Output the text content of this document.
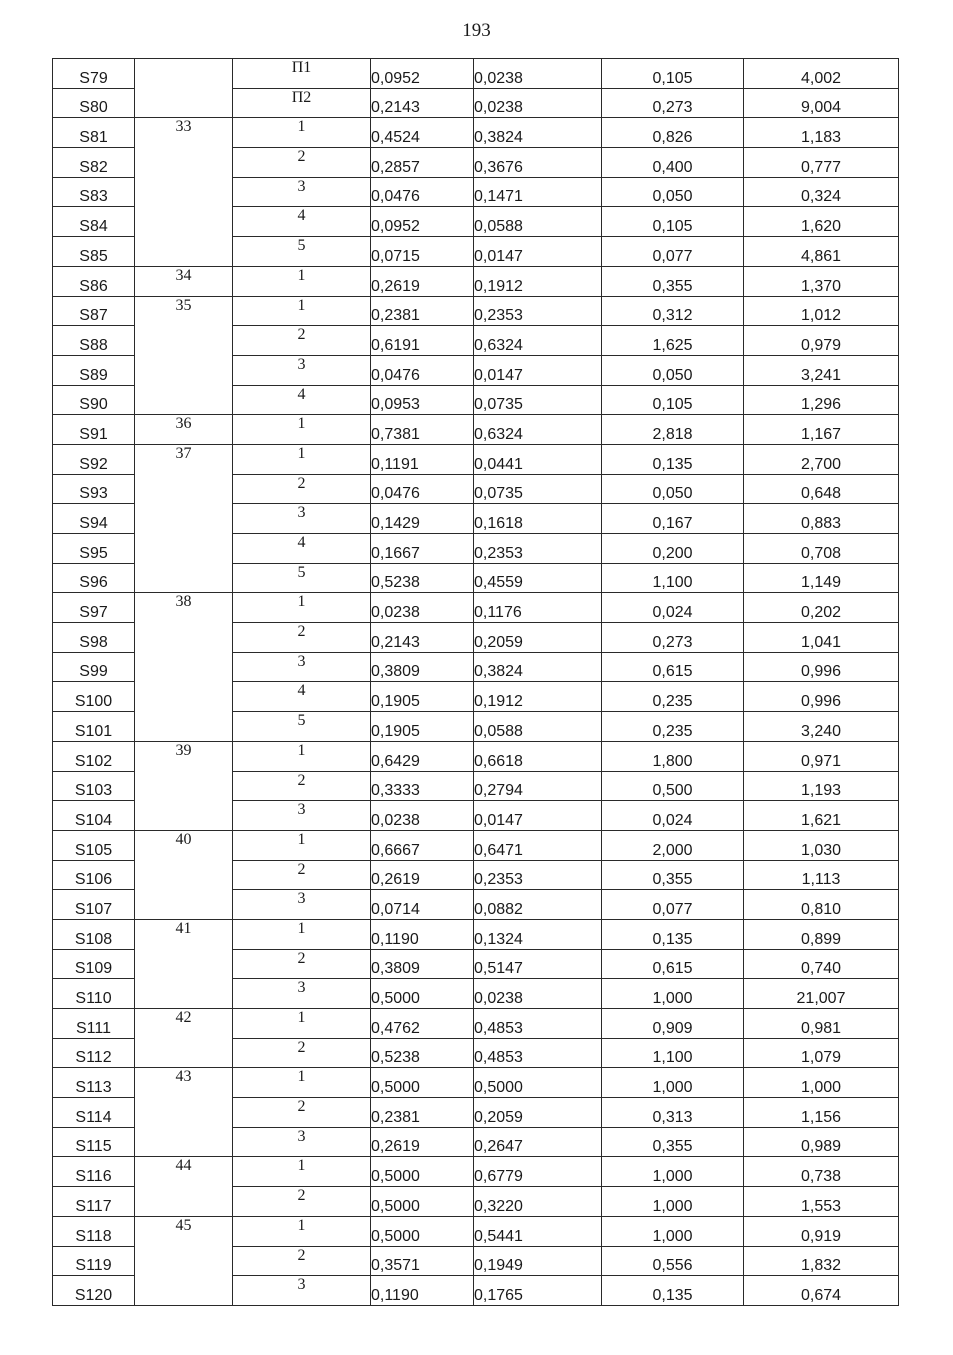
193
S79		П1	0,0952	0,0238	0,105	4,002
S80		П2	0,2143	0,0238	0,273	9,004
S81	33	1	0,4524	0,3824	0,826	1,183
S82		2	0,2857	0,3676	0,400	0,777
S83		3	0,0476	0,1471	0,050	0,324
S84		4	0,0952	0,0588	0,105	1,620
S85		5	0,0715	0,0147	0,077	4,861
S86	34	1	0,2619	0,1912	0,355	1,370
S87	35	1	0,2381	0,2353	0,312	1,012
S88		2	0,6191	0,6324	1,625	0,979
S89		3	0,0476	0,0147	0,050	3,241
S90		4	0,0953	0,0735	0,105	1,296
S91	36	1	0,7381	0,6324	2,818	1,167
S92	37	1	0,1191	0,0441	0,135	2,700
S93		2	0,0476	0,0735	0,050	0,648
S94		3	0,1429	0,1618	0,167	0,883
S95		4	0,1667	0,2353	0,200	0,708
S96		5	0,5238	0,4559	1,100	1,149
S97	38	1	0,0238	0,1176	0,024	0,202
S98		2	0,2143	0,2059	0,273	1,041
S99		3	0,3809	0,3824	0,615	0,996
S100		4	0,1905	0,1912	0,235	0,996
S101		5	0,1905	0,0588	0,235	3,240
S102	39	1	0,6429	0,6618	1,800	0,971
S103		2	0,3333	0,2794	0,500	1,193
S104		3	0,0238	0,0147	0,024	1,621
S105	40	1	0,6667	0,6471	2,000	1,030
S106		2	0,2619	0,2353	0,355	1,113
S107		3	0,0714	0,0882	0,077	0,810
S108	41	1	0,1190	0,1324	0,135	0,899
S109		2	0,3809	0,5147	0,615	0,740
S110		3	0,5000	0,0238	1,000	21,007
S111	42	1	0,4762	0,4853	0,909	0,981
S112		2	0,5238	0,4853	1,100	1,079
S113	43	1	0,5000	0,5000	1,000	1,000
S114		2	0,2381	0,2059	0,313	1,156
S115		3	0,2619	0,2647	0,355	0,989
S116	44	1	0,5000	0,6779	1,000	0,738
S117		2	0,5000	0,3220	1,000	1,553
S118	45	1	0,5000	0,5441	1,000	0,919
S119		2	0,3571	0,1949	0,556	1,832
S120		3	0,1190	0,1765	0,135	0,674
